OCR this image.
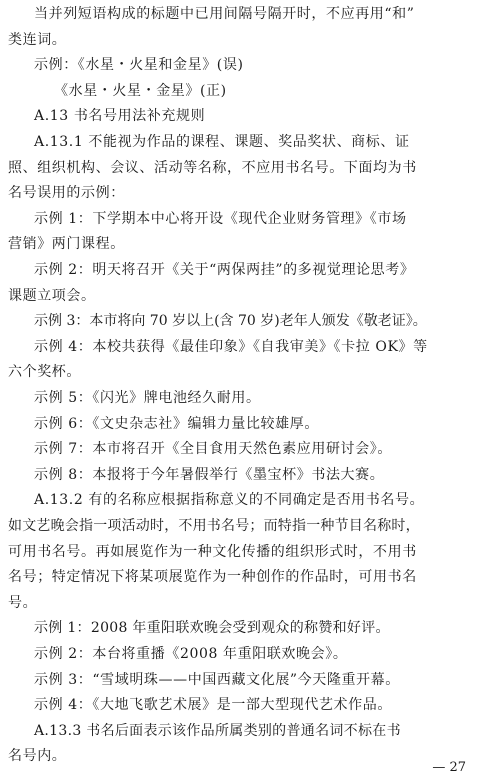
当并列短语构成的标题中已用间隔号隔开时，不应再用“和”
类连词。
示例：《水星・火星和金星》(误)
《水星・火星・金星》(正)
A.13 书名号用法补充规则
A.13.1 不能视为作品的课程、课题、奖品奖状、商标、证
照、组织机构、会议、活动等名称，不应用书名号。下面均为书
名号误用的示例：
示例 1：下学期本中心将开设《现代企业财务管理》《市场
营销》两门课程。
示例 2：明天将召开《关于“两保两挂”的多视觉理论思考》
课题立项会。
示例 3：本市将向 70 岁以上(含 70 岁)老年人颁发《敬老证》。
示例 4：本校共获得《最佳印象》《自我审美》《卡拉 OK》等
六个奖杯。
示例 5：《闪光》牌电池经久耐用。
示例 6：《文史杂志社》编辑力量比较雄厚。
示例 7：本市将召开《全目食用天然色素应用研讨会》。
示例 8：本报将于今年暑假举行《墨宝杯》书法大赛。
A.13.2 有的名称应根据指称意义的不同确定是否用书名号。
如文艺晚会指一项活动时，不用书名号；而特指一种节目名称时，
可用书名号。再如展览作为一种文化传播的组织形式时，不用书
名号；特定情况下将某项展览作为一种创作的作品时，可用书名
号。
示例 1：2008 年重阳联欢晚会受到观众的称赞和好评。
示例 2：本台将重播《2008 年重阳联欢晚会》。
示例 3：“雪域明珠——中国西藏文化展”今天隆重开幕。
示例 4：《大地飞歌艺术展》是一部大型现代艺术作品。
A.13.3 书名后面表示该作品所属类别的普通名词不标在书
名号内。
— 27
